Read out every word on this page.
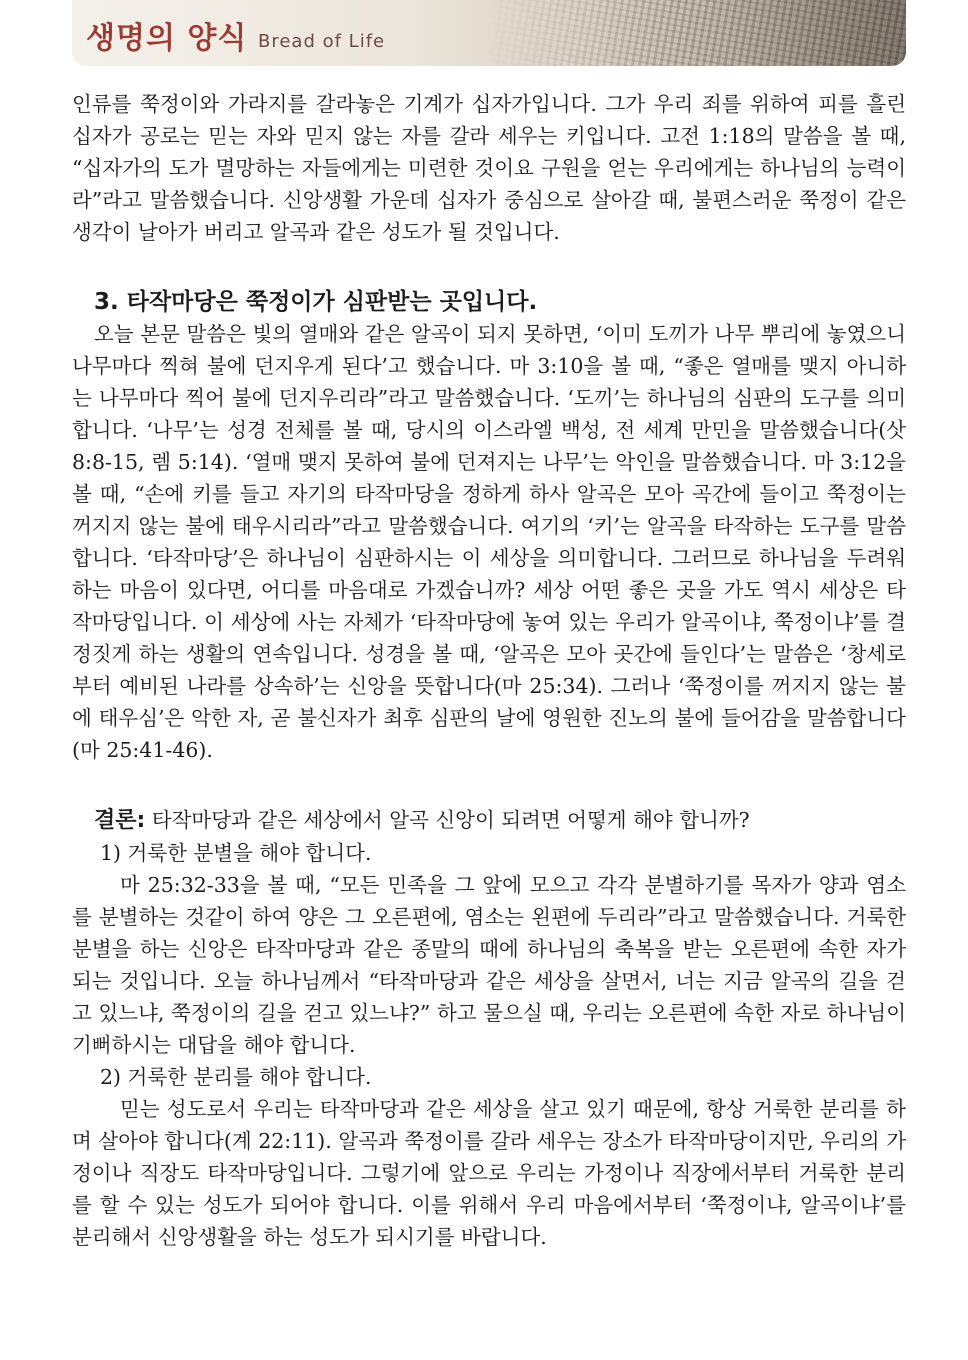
생명의 양식 Bread of Life

인류를 쭉정이와 가라지를 갈라놓은 기계가 십자가입니다. 그가 우리 죄를 위하여 피를 흘린 십자가 공로는 믿는 자와 믿지 않는 자를 갈라 세우는 키입니다. 고전 1:18의 말씀을 볼 때, “십자가의 도가 멸망하는 자들에게는 미련한 것이요 구원을 얻는 우리에게는 하나님의 능력이라”라고 말씀했습니다. 신앙생활 가운데 십자가 중심으로 살아갈 때, 불편스러운 쭉정이 같은 생각이 날아가 버리고 알곡과 같은 성도가 될 것입니다.

3. 타작마당은 쭉정이가 심판받는 곳입니다.

오늘 본문 말씀은 빛의 열매와 같은 알곡이 되지 못하면, ‘이미 도끼가 나무 뿌리에 놓였으니 나무마다 찍혀 불에 던지우게 된다’고 했습니다. 마 3:10을 볼 때, “좋은 열매를 맺지 아니하는 나무마다 찍어 불에 던지우리라”라고 말씀했습니다. ‘도끼’는 하나님의 심판의 도구를 의미합니다. ‘나무’는 성경 전체를 볼 때, 당시의 이스라엘 백성, 전 세계 만민을 말씀했습니다(삿 8:8-15, 렘 5:14). ‘열매 맺지 못하여 불에 던져지는 나무’는 악인을 말씀했습니다. 마 3:12을 볼 때, “손에 키를 들고 자기의 타작마당을 정하게 하사 알곡은 모아 곡간에 들이고 쭉정이는 꺼지지 않는 불에 태우시리라”라고 말씀했습니다. 여기의 ‘키’는 알곡을 타작하는 도구를 말씀합니다. ‘타작마당’은 하나님이 심판하시는 이 세상을 의미합니다. 그러므로 하나님을 두려워하는 마음이 있다면, 어디를 마음대로 가겠습니까? 세상 어떤 좋은 곳을 가도 역시 세상은 타작마당입니다. 이 세상에 사는 자체가 ‘타작마당에 놓여 있는 우리가 알곡이냐, 쭉정이냐’를 결정짓게 하는 생활의 연속입니다. 성경을 볼 때, ‘알곡은 모아 곳간에 들인다’는 말씀은 ‘창세로부터 예비된 나라를 상속하’는 신앙을 뜻합니다(마 25:34). 그러나 ‘쭉정이를 꺼지지 않는 불에 태우심’은 악한 자, 곧 불신자가 최후 심판의 날에 영원한 진노의 불에 들어감을 말씀합니다(마 25:41-46).

결론: 타작마당과 같은 세상에서 알곡 신앙이 되려면 어떻게 해야 합니까?

1) 거룩한 분별을 해야 합니다.

마 25:32-33을 볼 때, “모든 민족을 그 앞에 모으고 각각 분별하기를 목자가 양과 염소를 분별하는 것같이 하여 양은 그 오른편에, 염소는 왼편에 두리라”라고 말씀했습니다. 거룩한 분별을 하는 신앙은 타작마당과 같은 종말의 때에 하나님의 축복을 받는 오른편에 속한 자가 되는 것입니다. 오늘 하나님께서 “타작마당과 같은 세상을 살면서, 너는 지금 알곡의 길을 걷고 있느냐, 쭉정이의 길을 걷고 있느냐?” 하고 물으실 때, 우리는 오른편에 속한 자로 하나님이 기뻐하시는 대답을 해야 합니다.

2) 거룩한 분리를 해야 합니다.

믿는 성도로서 우리는 타작마당과 같은 세상을 살고 있기 때문에, 항상 거룩한 분리를 하며 살아야 합니다(계 22:11). 알곡과 쭉정이를 갈라 세우는 장소가 타작마당이지만, 우리의 가정이나 직장도 타작마당입니다. 그렇기에 앞으로 우리는 가정이나 직장에서부터 거룩한 분리를 할 수 있는 성도가 되어야 합니다. 이를 위해서 우리 마음에서부터 ‘쭉정이냐, 알곡이냐’를 분리해서 신앙생활을 하는 성도가 되시기를 바랍니다.
